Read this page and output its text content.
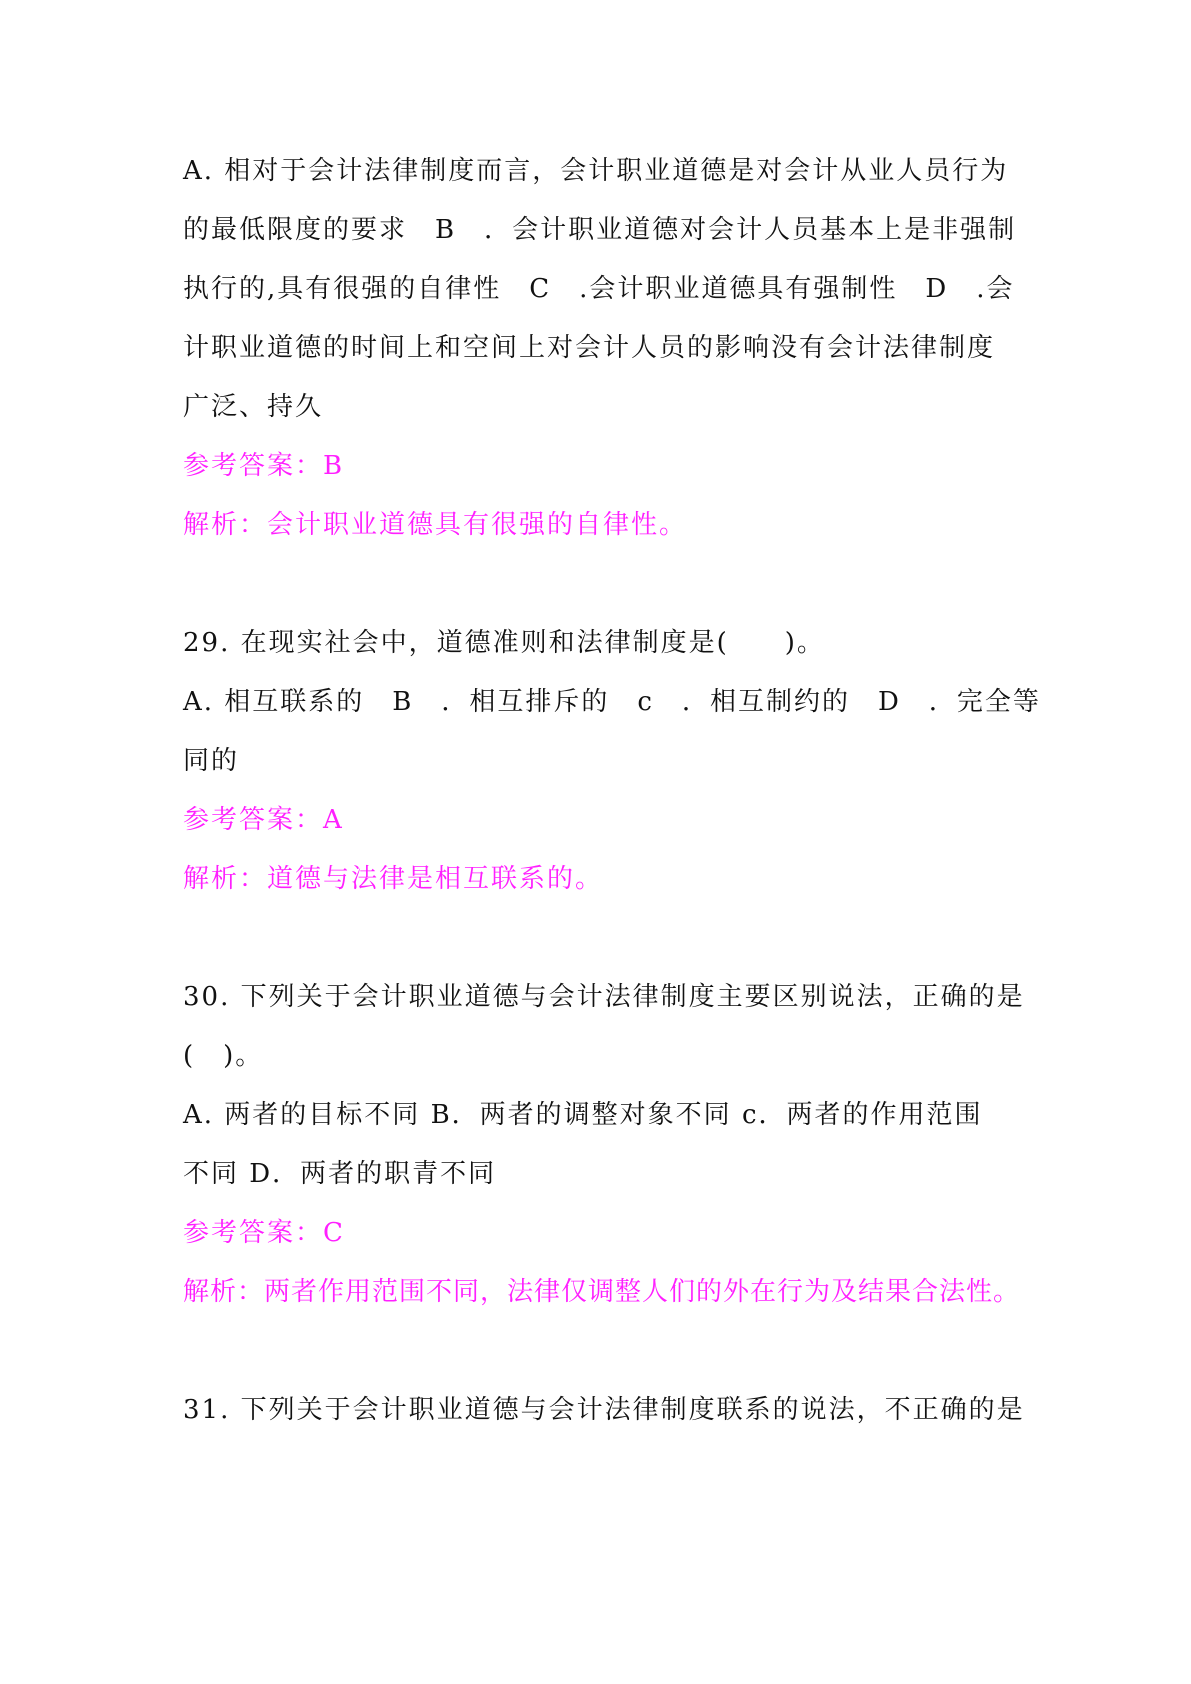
A. 相对于会计法律制度而言，会计职业道德是对会计从业人员行为
的最低限度的要求　B　．会计职业道德对会计人员基本上是非强制
执行的,具有很强的自律性　C　.会计职业道德具有强制性　D　.会
计职业道德的时间上和空间上对会计人员的影响没有会计法律制度
广泛、持久
参考答案：B
解析：会计职业道德具有很强的自律性。
29. 在现实社会中，道德准则和法律制度是(　　)。
A. 相互联系的　B　．相互排斥的　c　．相互制约的　D　．完全等
同的
参考答案：A
解析：道德与法律是相互联系的。
30. 下列关于会计职业道德与会计法律制度主要区别说法，正确的是
(　)。
A. 两者的目标不同 B．两者的调整对象不同 c．两者的作用范围
不同 D．两者的职青不同
参考答案：C
解析：两者作用范围不同，法律仅调整人们的外在行为及结果合法性。
31. 下列关于会计职业道德与会计法律制度联系的说法，不正确的是
